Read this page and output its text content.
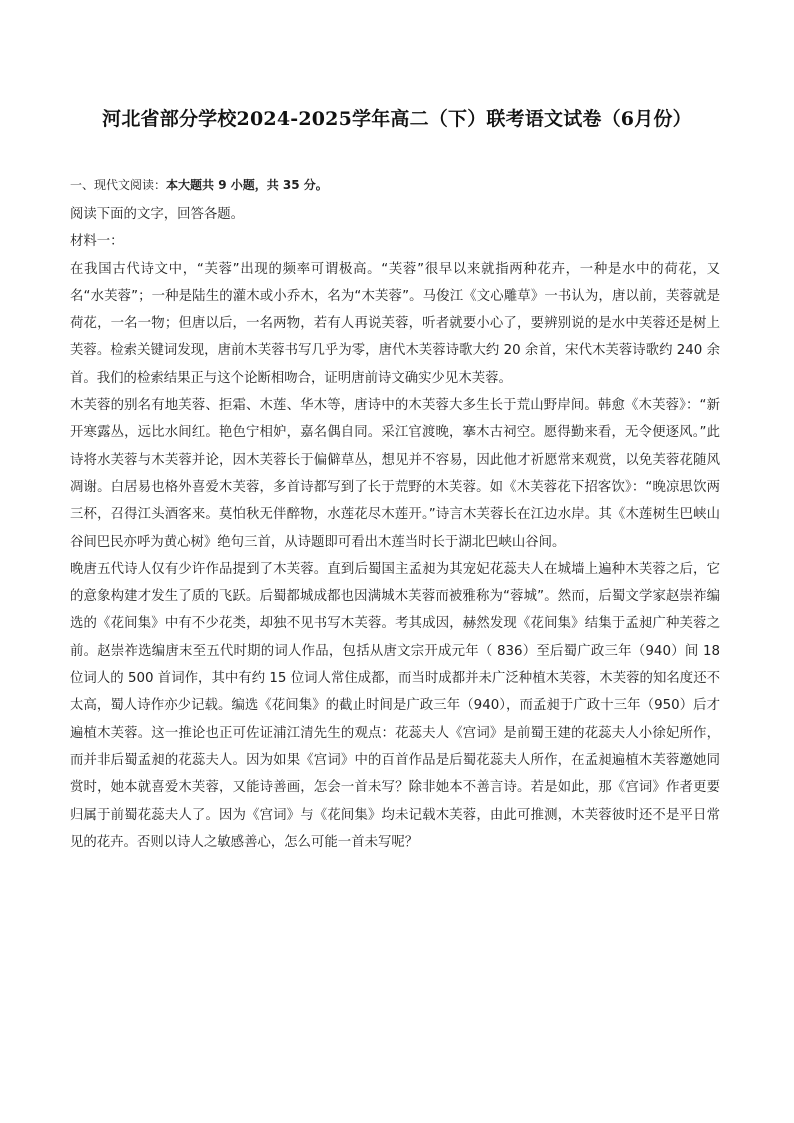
河北省部分学校2024-2025学年高二（下）联考语文试卷（6月份）

一、现代文阅读：本大题共 9 小题，共 35 分。

阅读下面的文字，回答各题。

材料一：

在我国古代诗文中，“芙蓉”出现的频率可谓极高。“芙蓉”很早以来就指两种花卉，一种是水中的荷花，又名“水芙蓉”；一种是陆生的灌木或小乔木，名为“木芙蓉”。马俊江《文心雕草》一书认为，唐以前，芙蓉就是荷花，一名一物；但唐以后，一名两物，若有人再说芙蓉，听者就要小心了，要辨别说的是水中芙蓉还是树上芙蓉。检索关键词发现，唐前木芙蓉书写几乎为零，唐代木芙蓉诗歌大约 20 余首，宋代木芙蓉诗歌约 240 余首。我们的检索结果正与这个论断相吻合，证明唐前诗文确实少见木芙蓉。

木芙蓉的别名有地芙蓉、拒霜、木莲、华木等，唐诗中的木芙蓉大多生长于荒山野岸间。韩愈《木芙蓉》：“新开寒露丛，远比水间红。艳色宁相妒，嘉名偶自同。采江官渡晚，搴木古祠空。愿得勤来看，无令便逐风。”此诗将水芙蓉与木芙蓉并论，因木芙蓉长于偏僻草丛，想见并不容易，因此他才祈愿常来观赏，以免芙蓉花随风凋谢。白居易也格外喜爱木芙蓉，多首诗都写到了长于荒野的木芙蓉。如《木芙蓉花下招客饮》：“晚凉思饮两三杯，召得江头酒客来。莫怕秋无伴醉物，水莲花尽木莲开。”诗言木芙蓉长在江边水岸。其《木莲树生巴峡山谷间巴民亦呼为黄心树》绝句三首，从诗题即可看出木莲当时长于湖北巴峡山谷间。

晚唐五代诗人仅有少许作品提到了木芙蓉。直到后蜀国主孟昶为其宠妃花蕊夫人在城墙上遍种木芙蓉之后，它的意象构建才发生了质的飞跃。后蜀都城成都也因满城木芙蓉而被雅称为“蓉城”。然而，后蜀文学家赵崇祚编选的《花间集》中有不少花类，却独不见书写木芙蓉。考其成因，赫然发现《花间集》结集于孟昶广种芙蓉之前。赵崇祚选编唐末至五代时期的词人作品，包括从唐文宗开成元年（ 836）至后蜀广政三年（940）间 18 位词人的 500 首词作，其中有约 15 位词人常住成都，而当时成都并未广泛种植木芙蓉，木芙蓉的知名度还不太高，蜀人诗作亦少记载。编选《花间集》的截止时间是广政三年（940），而孟昶于广政十三年（950）后才遍植木芙蓉。这一推论也正可佐证浦江清先生的观点：花蕊夫人《宫词》是前蜀王建的花蕊夫人小徐妃所作，而并非后蜀孟昶的花蕊夫人。因为如果《宫词》中的百首作品是后蜀花蕊夫人所作，在孟昶遍植木芙蓉邀她同赏时，她本就喜爱木芙蓉，又能诗善画，怎会一首未写？除非她本不善言诗。若是如此，那《宫词》作者更要归属于前蜀花蕊夫人了。因为《宫词》与《花间集》均未记载木芙蓉，由此可推测，木芙蓉彼时还不是平日常见的花卉。否则以诗人之敏感善心，怎么可能一首未写呢？
